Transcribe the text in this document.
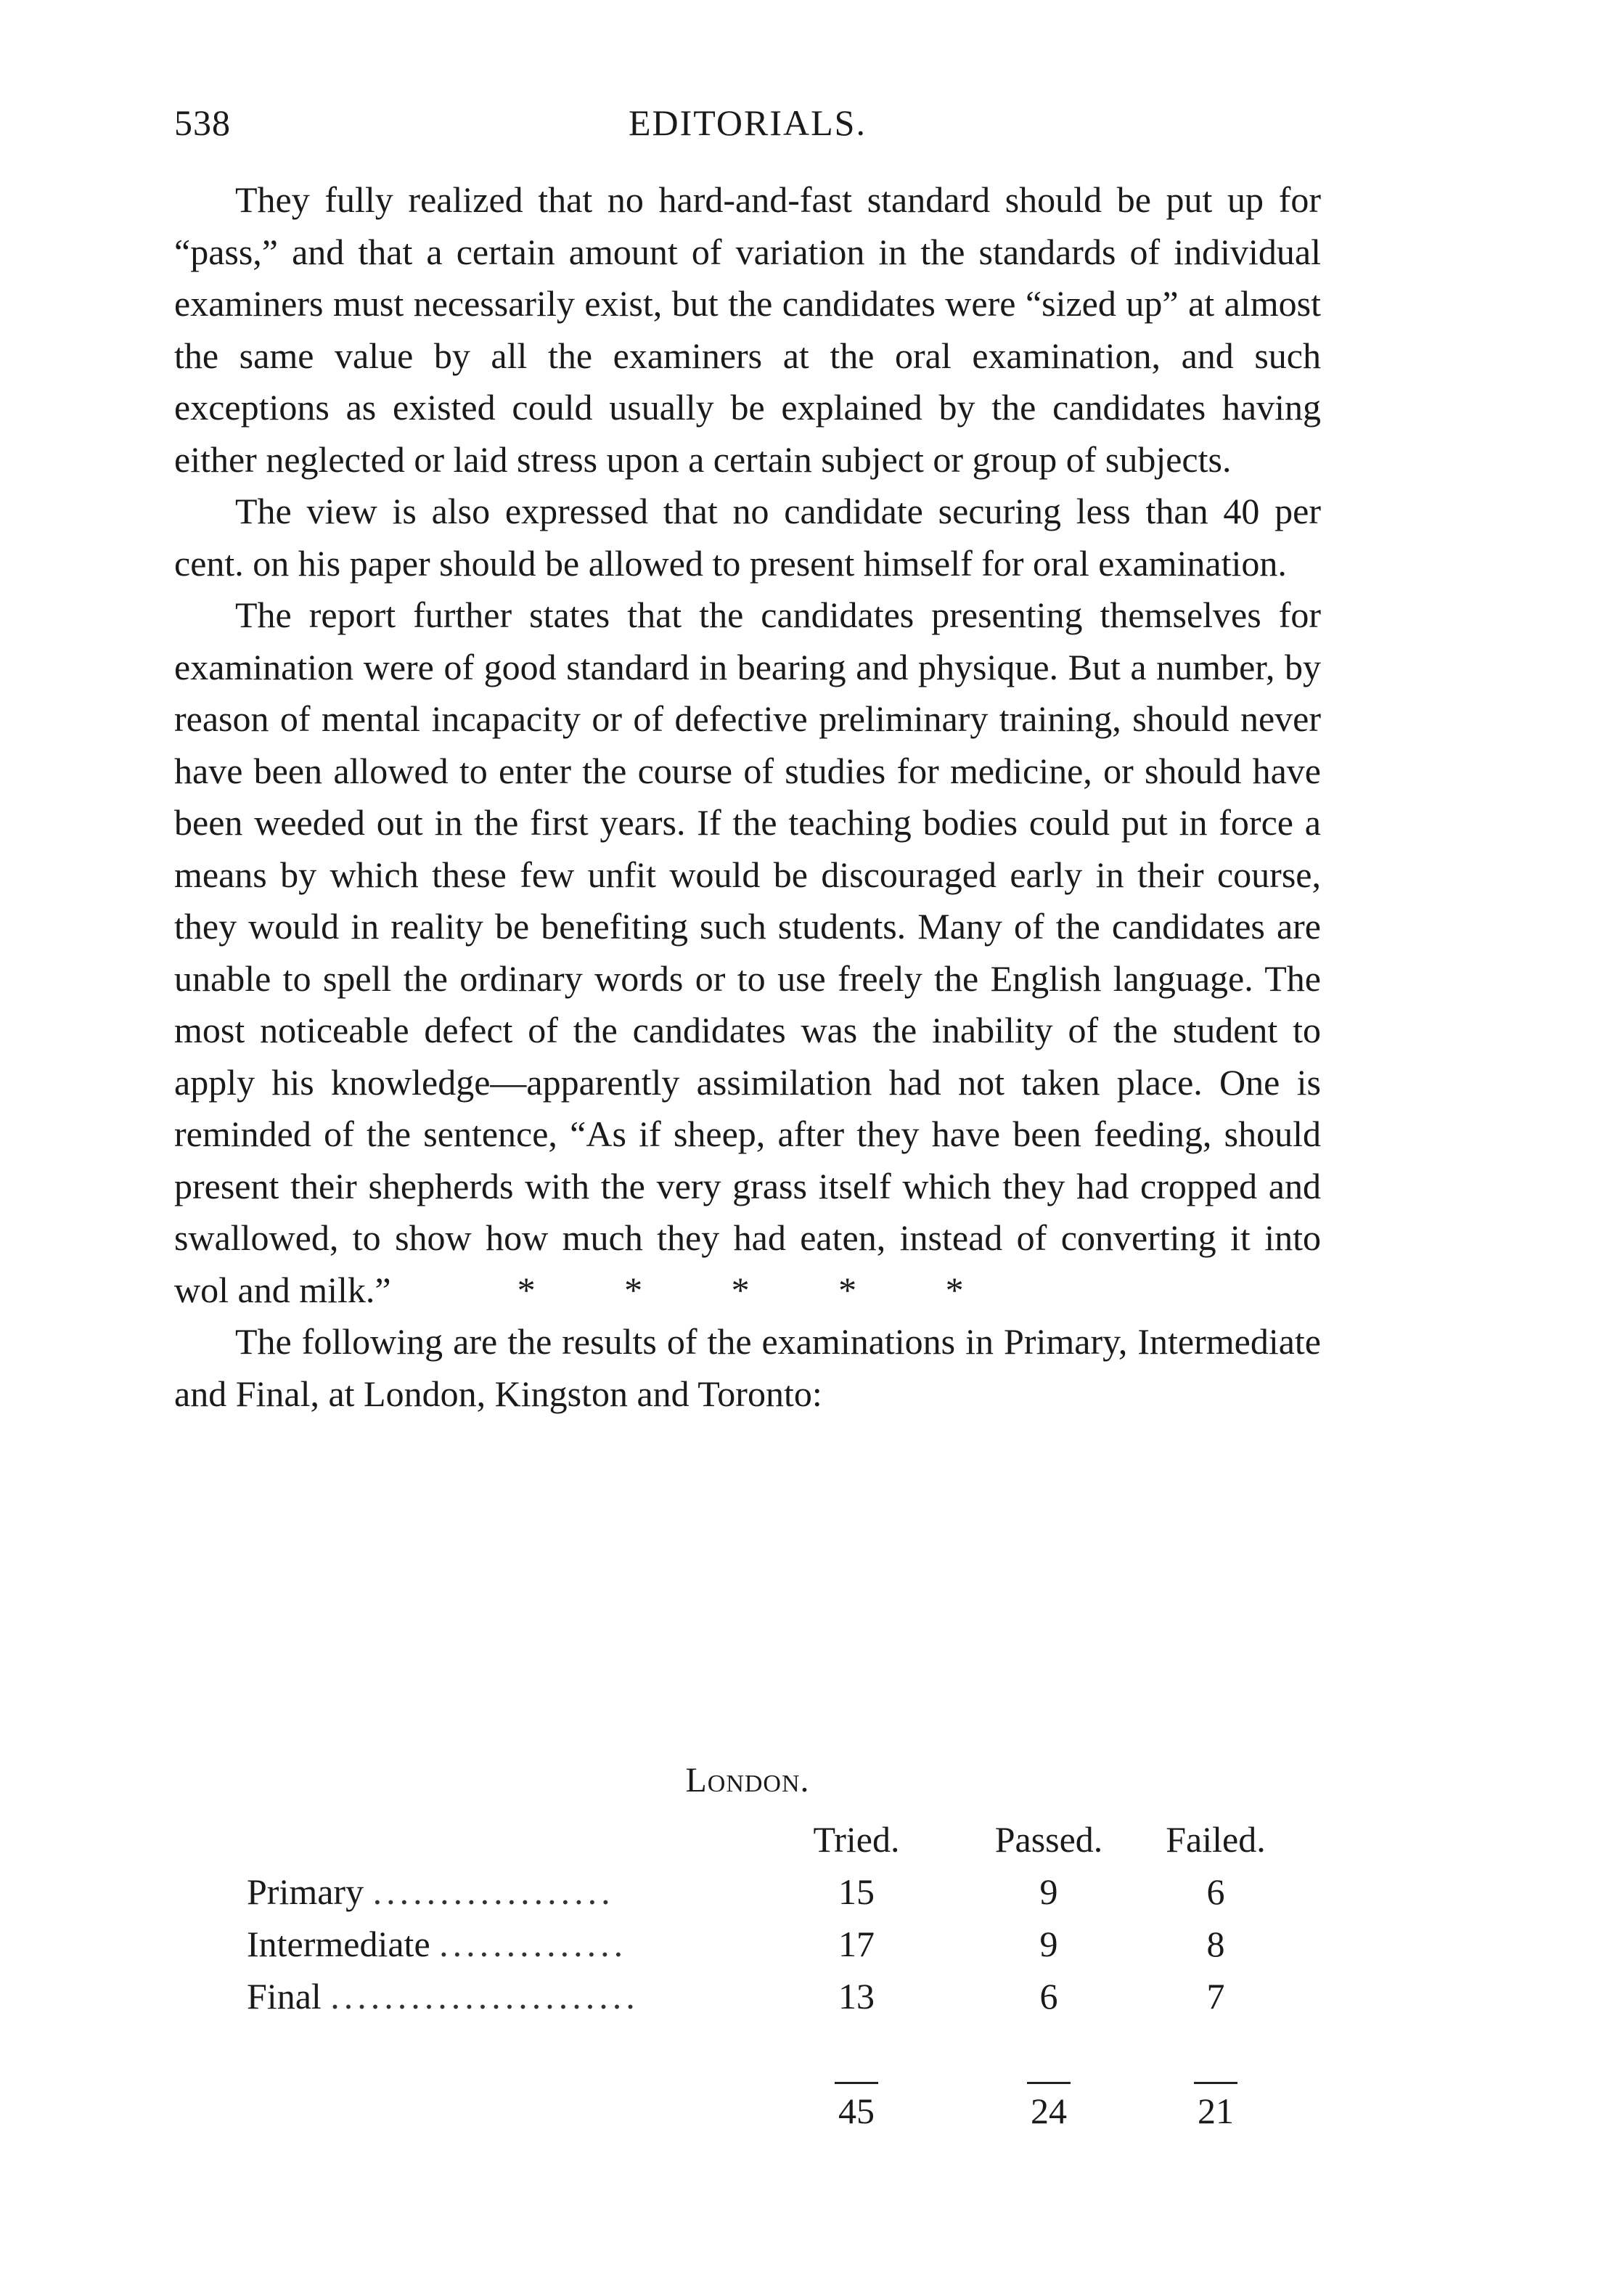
538	EDITORIALS.

They fully realized that no hard-and-fast standard should be put up for “pass,” and that a certain amount of variation in the standards of individual examiners must necessarily exist, but the candidates were “sized up” at almost the same value by all the examiners at the oral examination, and such exceptions as existed could usually be explained by the candidates having either neglected or laid stress upon a certain subject or group of subjects.

The view is also expressed that no candidate securing less than 40 per cent. on his paper should be allowed to present himself for oral examination.

The report further states that the candidates presenting themselves for examination were of good standard in bearing and physique. But a number, by reason of mental incapacity or of defective preliminary training, should never have been allowed to enter the course of studies for medicine, or should have been weeded out in the first years. If the teaching bodies could put in force a means by which these few unfit would be discouraged early in their course, they would in reality be benefiting such students. Many of the candidates are unable to spell the ordinary words or to use freely the English language. The most noticeable defect of the candidates was the inability of the student to apply his knowledge—apparently assimilation had not taken place. One is reminded of the sentence, “As if sheep, after they have been feeding, should present their shepherds with the very grass itself which they had cropped and swallowed, to show how much they had eaten, instead of converting it into wol and milk.”	* * * * *

The following are the results of the examinations in Primary, Intermediate and Final, at London, Kingston and Toronto:

London.
Tried.	Passed.	Failed.
Primary ..................	15	9	6
Intermediate ..............	17	9	8
Final .......................	13	6	7
45	24	21
